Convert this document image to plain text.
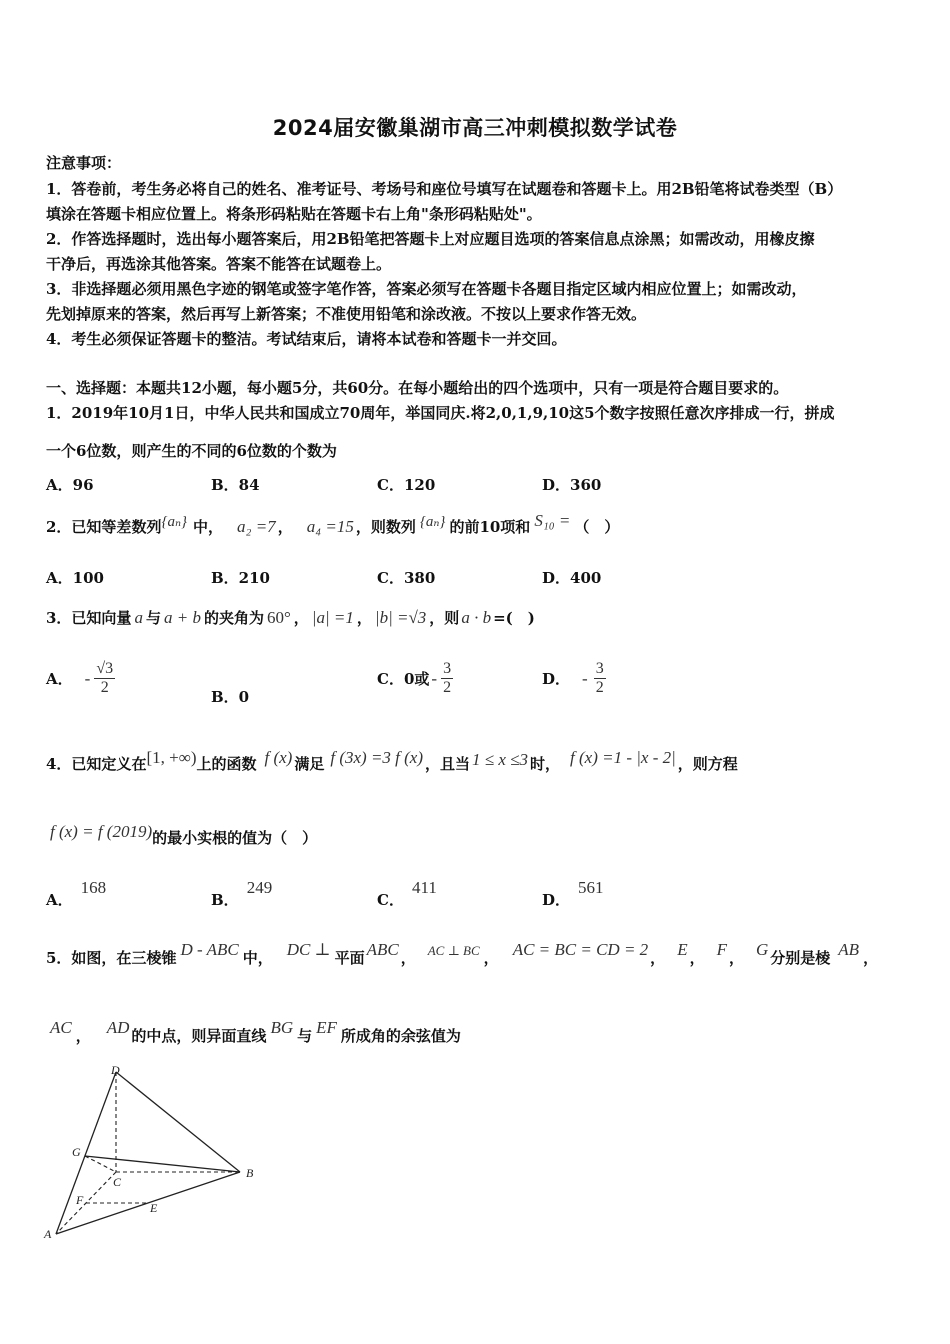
2024届安徽巢湖市高三冲刺模拟数学试卷
注意事项：
1．答卷前，考生务必将自己的姓名、准考证号、考场号和座位号填写在试题卷和答题卡上。用2B铅笔将试卷类型（B）
填涂在答题卡相应位置上。将条形码粘贴在答题卡右上角"条形码粘贴处"。
2．作答选择题时，选出每小题答案后，用2B铅笔把答题卡上对应题目选项的答案信息点涂黑；如需改动，用橡皮擦
干净后，再选涂其他答案。答案不能答在试题卷上。
3．非选择题必须用黑色字迹的钢笔或签字笔作答，答案必须写在答题卡各题目指定区域内相应位置上；如需改动，
先划掉原来的答案，然后再写上新答案；不准使用铅笔和涂改液。不按以上要求作答无效。
4．考生必须保证答题卡的整洁。考试结束后，请将本试卷和答题卡一并交回。
一、选择题：本题共12小题，每小题5分，共60分。在每小题给出的四个选项中，只有一项是符合题目要求的。
1．2019年10月1日，中华人民共和国成立70周年，举国同庆.将2,0,1,9,10这5个数字按照任意次序排成一行，拼成
一个6位数，则产生的不同的6位数的个数为
A．96	B．84	C．120	D．360
2．已知等差数列{aₙ} 中， a₂ =7 ， a₄ =15 ，则数列 {aₙ} 的前10项和 S₁₀ = （　）
A．100	B．210	C．380	D．400
3．已知向量 a 与 a + b 的夹角为 60° ， |a| =1 ， |b| =√3 ，则 a · b =(　)
A． - $\frac{√3}{2}$	B．0
C．0或 - $\frac{3}{2}$	D． - $\frac{3}{2}$
4．已知定义在[1, +∞)上的函数 f (x) 满足 f (3x) =3 f (x) ，且当 1 ≤ x ≤3 时， f (x) =1 - |x - 2| ，则方程
f (x) = f (2019)的最小实根的值为（　）
A．168
B．249
C．411
D．561
5．如图，在三棱锥 D - ABC 中， DC ⊥ 平面 ABC ， $^{AC \perp BC}$ ， AC = BC = CD = 2 ， E ， F ， G 分别是棱 AB ，
AC ， AD 的中点，则异面直线 BG 与 EF 所成角的余弦值为
D
G
C
B
F
E
A
